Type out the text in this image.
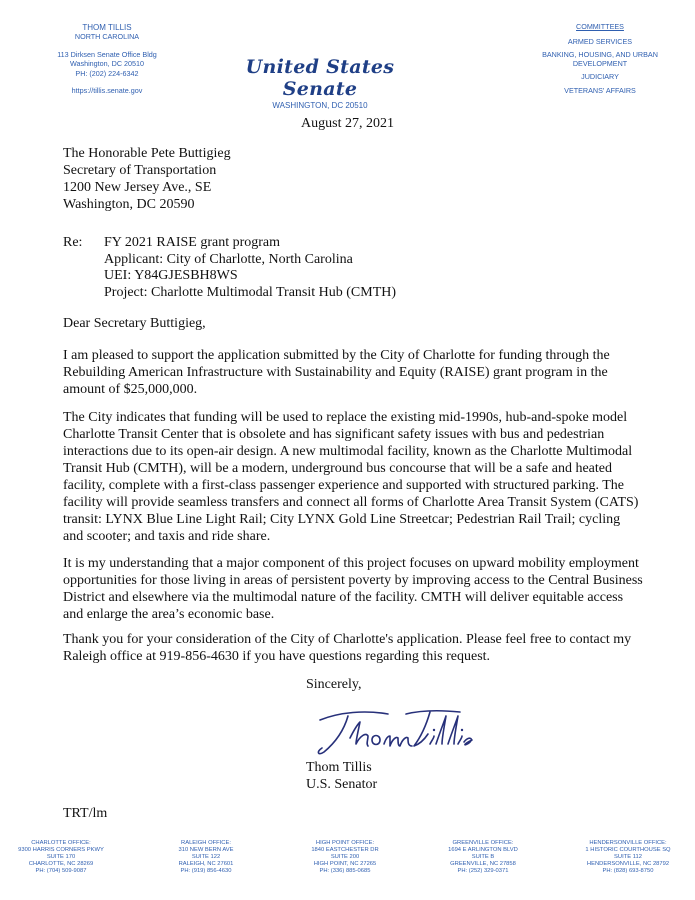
THOM TILLIS
NORTH CAROLINA
113 Dirksen Senate Office Bldg
Washington, DC 20510
PH: (202) 224-6342
https://tillis.senate.gov
United States Senate
WASHINGTON, DC 20510
COMMITTEES
ARMED SERVICES
BANKING, HOUSING, AND URBAN DEVELOPMENT
JUDICIARY
VETERANS' AFFAIRS
August 27, 2021
The Honorable Pete Buttigieg
Secretary of Transportation
1200 New Jersey Ave., SE
Washington, DC 20590
Re: FY 2021 RAISE grant program
Applicant: City of Charlotte, North Carolina
UEI: Y84GJESBH8WS
Project: Charlotte Multimodal Transit Hub (CMTH)
Dear Secretary Buttigieg,
I am pleased to support the application submitted by the City of Charlotte for funding through the Rebuilding American Infrastructure with Sustainability and Equity (RAISE) grant program in the amount of $25,000,000.
The City indicates that funding will be used to replace the existing mid-1990s, hub-and-spoke model Charlotte Transit Center that is obsolete and has significant safety issues with bus and pedestrian interactions due to its open-air design. A new multimodal facility, known as the Charlotte Multimodal Transit Hub (CMTH), will be a modern, underground bus concourse that will be a safe and heated facility, complete with a first-class passenger experience and supported with structured parking. The facility will provide seamless transfers and connect all forms of Charlotte Area Transit System (CATS) transit: LYNX Blue Line Light Rail; City LYNX Gold Line Streetcar; Pedestrian Rail Trail; cycling and scooter; and taxis and ride share.
It is my understanding that a major component of this project focuses on upward mobility employment opportunities for those living in areas of persistent poverty by improving access to the Central Business District and elsewhere via the multimodal nature of the facility. CMTH will deliver equitable access and enlarge the area’s economic base.
Thank you for your consideration of the City of Charlotte's application. Please feel free to contact my Raleigh office at 919-856-4630 if you have questions regarding this request.
Sincerely,
Thom Tillis
U.S. Senator
TRT/lm
CHARLOTTE OFFICE:
9300 HARRIS CORNERS PKWY
SUITE 170
CHARLOTTE, NC 28269
PH: (704) 509-9087
RALEIGH OFFICE:
310 NEW BERN AVE
SUITE 122
RALEIGH, NC 27601
PH: (919) 856-4630
HIGH POINT OFFICE:
1840 EASTCHESTER DR
SUITE 200
HIGH POINT, NC 27265
PH: (336) 885-0685
GREENVILLE OFFICE:
1694 E ARLINGTON BLVD
SUITE B
GREENVILLE, NC 27858
PH: (252) 329-0371
HENDERSONVILLE OFFICE:
1 HISTORIC COURTHOUSE SQ
SUITE 112
HENDERSONVILLE, NC 28792
PH: (828) 693-8750
